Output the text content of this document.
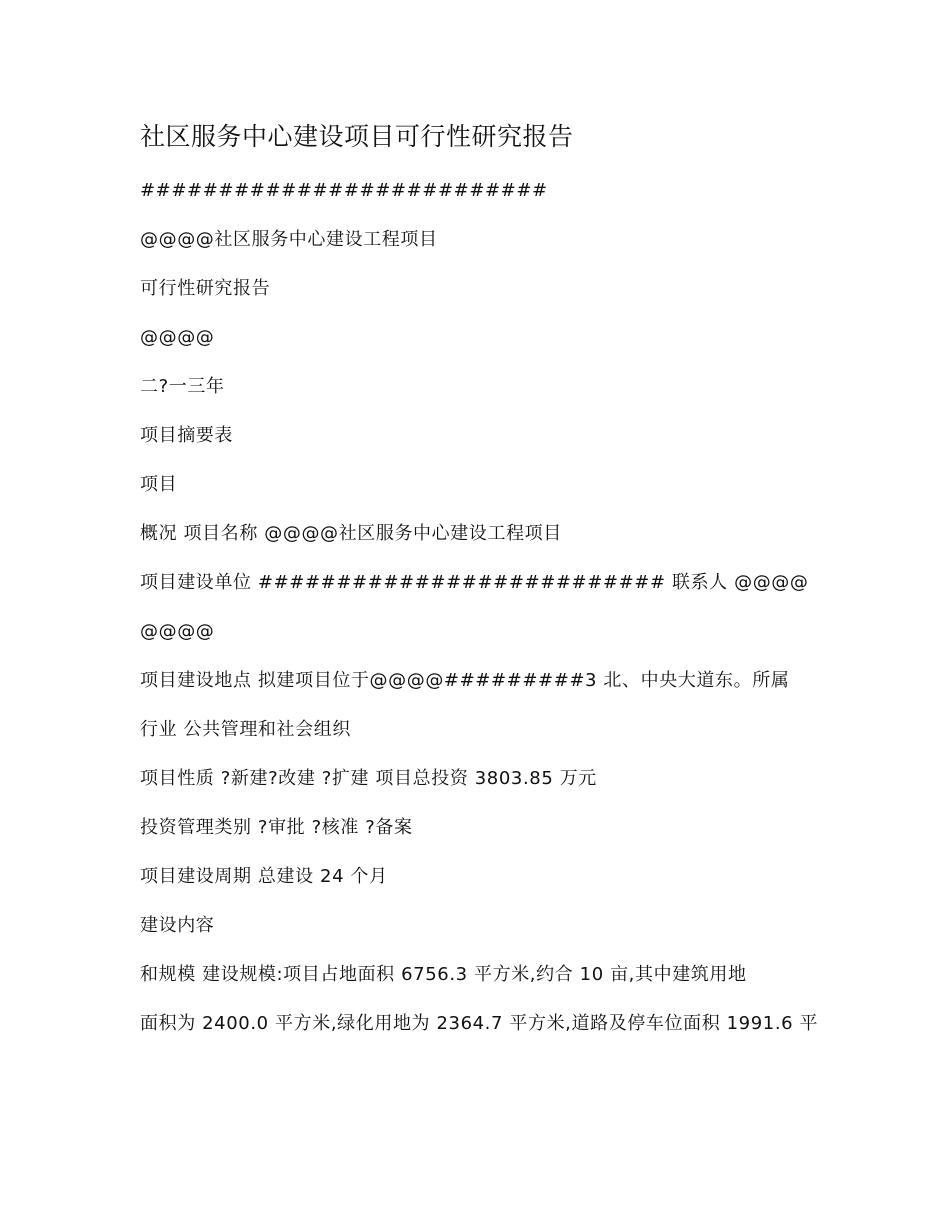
社区服务中心建设项目可行性研究报告

##########################

@@@@社区服务中心建设工程项目

可行性研究报告

@@@@

二?一三年

项目摘要表

项目

概况 项目名称 @@@@社区服务中心建设工程项目

项目建设单位 ########################## 联系人 @@@@

@@@@

项目建设地点 拟建项目位于@@@@#########3 北、中央大道东。所属

行业 公共管理和社会组织

项目性质 ?新建?改建 ?扩建 项目总投资 3803.85 万元

投资管理类别 ?审批 ?核准 ?备案

项目建设周期 总建设 24 个月

建设内容

和规模 建设规模:项目占地面积 6756.3 平方米,约合 10 亩,其中建筑用地

面积为 2400.0 平方米,绿化用地为 2364.7 平方米,道路及停车位面积 1991.6 平
